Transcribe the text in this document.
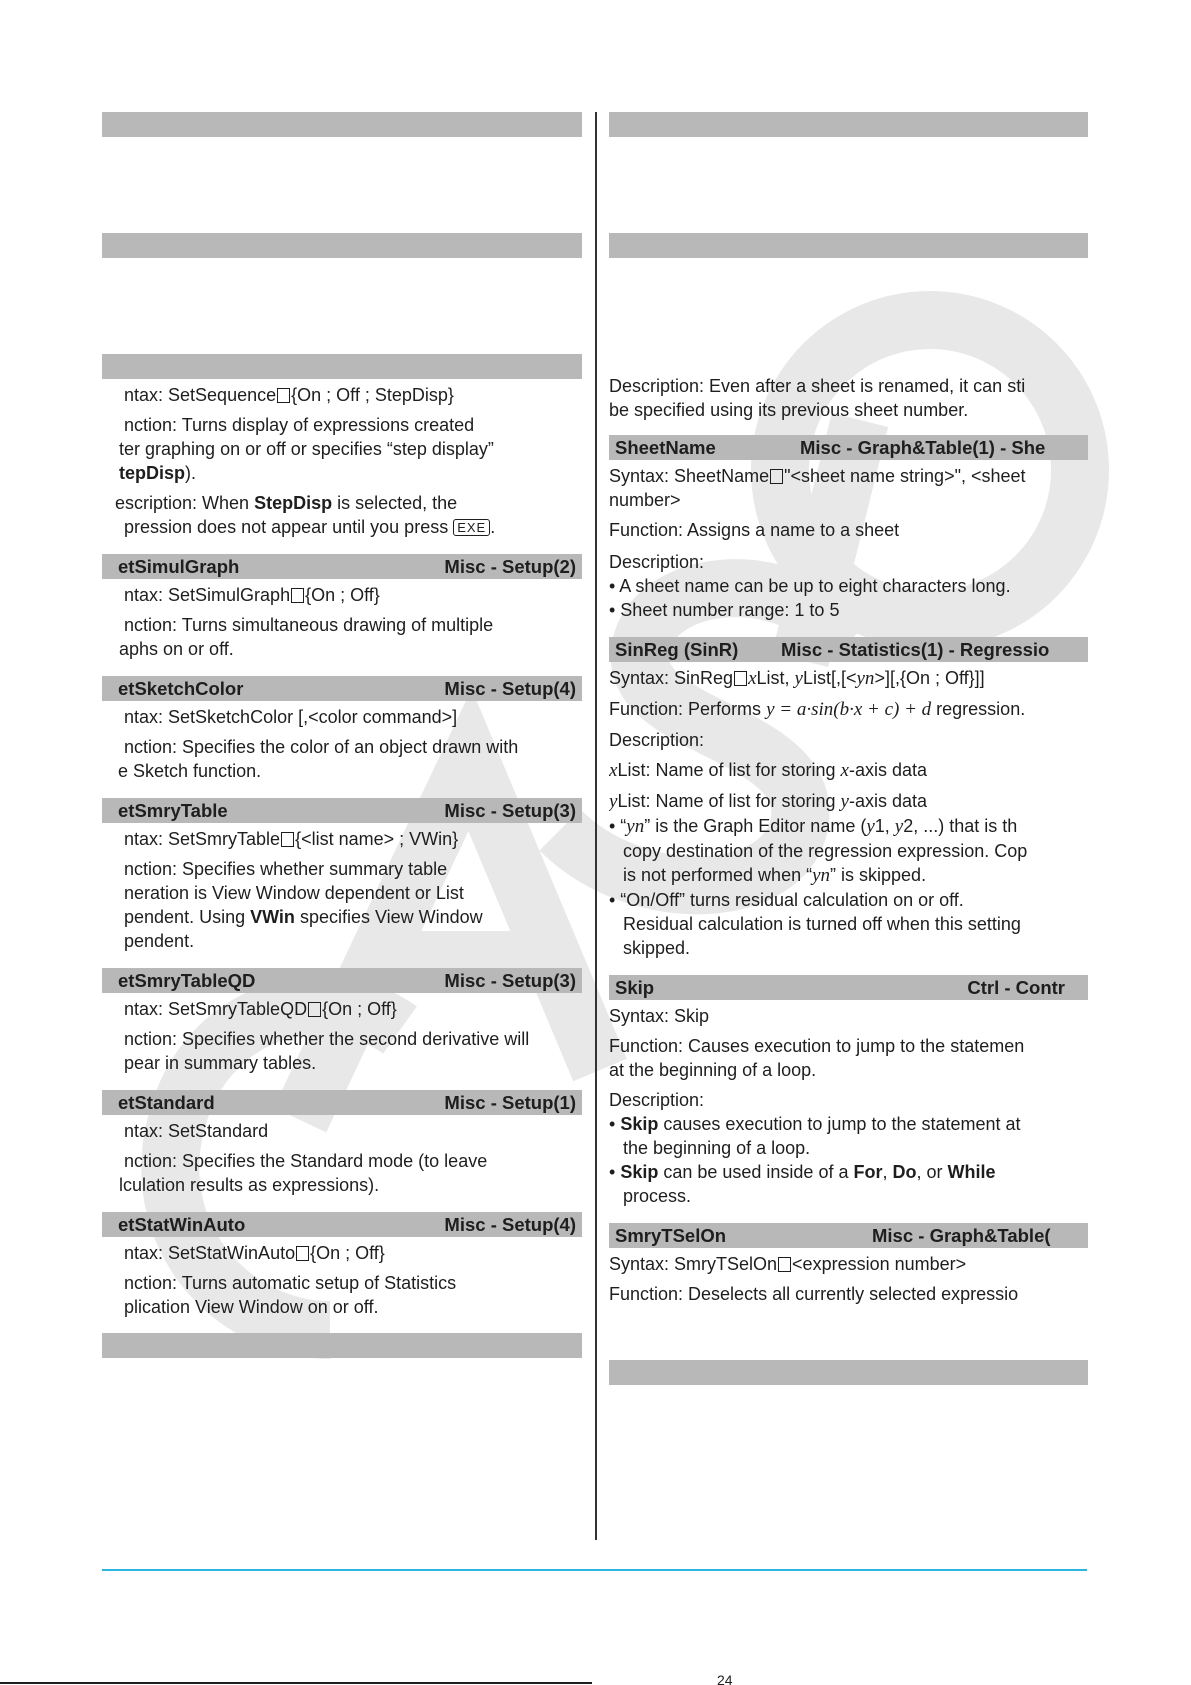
ntax: SetSequence {On ; Off ; StepDisp}
nction: Turns display of expressions created
ter graphing on or off or specifies “step display”
tepDisp).
escription: When StepDisp is selected, the
pression does not appear until you press EXE .
etSimulGraph	Misc - Setup(2)
ntax: SetSimulGraph {On ; Off}
nction: Turns simultaneous drawing of multiple
aphs on or off.
etSketchColor	Misc - Setup(4)
ntax: SetSketchColor [,<color command>]
nction: Specifies the color of an object drawn with
e Sketch function.
etSmryTable	Misc - Setup(3)
ntax: SetSmryTable {<list name> ; VWin}
nction: Specifies whether summary table
neration is View Window dependent or List
pendent. Using VWin specifies View Window
pendent.
etSmryTableQD	Misc - Setup(3)
ntax: SetSmryTableQD {On ; Off}
nction: Specifies whether the second derivative will
pear in summary tables.
etStandard	Misc - Setup(1)
ntax: SetStandard
nction: Specifies the Standard mode (to leave
lculation results as expressions).
etStatWinAuto	Misc - Setup(4)
ntax: SetStatWinAuto {On ; Off}
nction: Turns automatic setup of Statistics
plication View Window on or off.
Description: Even after a sheet is renamed, it can sti
be specified using its previous sheet number.
SheetName	Misc - Graph&Table(1) - She
Syntax: SheetName "<sheet name string>", <sheet
number>
Function: Assigns a name to a sheet
Description:
• A sheet name can be up to eight characters long.
• Sheet number range: 1 to 5
SinReg (SinR) Misc - Statistics(1) - Regressio
Syntax: SinReg xList, yList[,[<yn>][,{On ; Off}]]
Function: Performs y = a·sin(b·x + c) + d regression.
Description:
xList: Name of list for storing x-axis data
yList: Name of list for storing y-axis data
• “yn” is the Graph Editor name (y1, y2, ...) that is th
copy destination of the regression expression. Cop
is not performed when “yn” is skipped.
• “On/Off” turns residual calculation on or off.
Residual calculation is turned off when this setting
skipped.
Skip	Ctrl - Contr
Syntax: Skip
Function: Causes execution to jump to the statemen
at the beginning of a loop.
Description:
• Skip causes execution to jump to the statement at
the beginning of a loop.
• Skip can be used inside of a For, Do, or While
process.
SmryTSelOn	Misc - Graph&Table(
Syntax: SmryTSelOn <expression number>
Function: Deselects all currently selected expressio
24
